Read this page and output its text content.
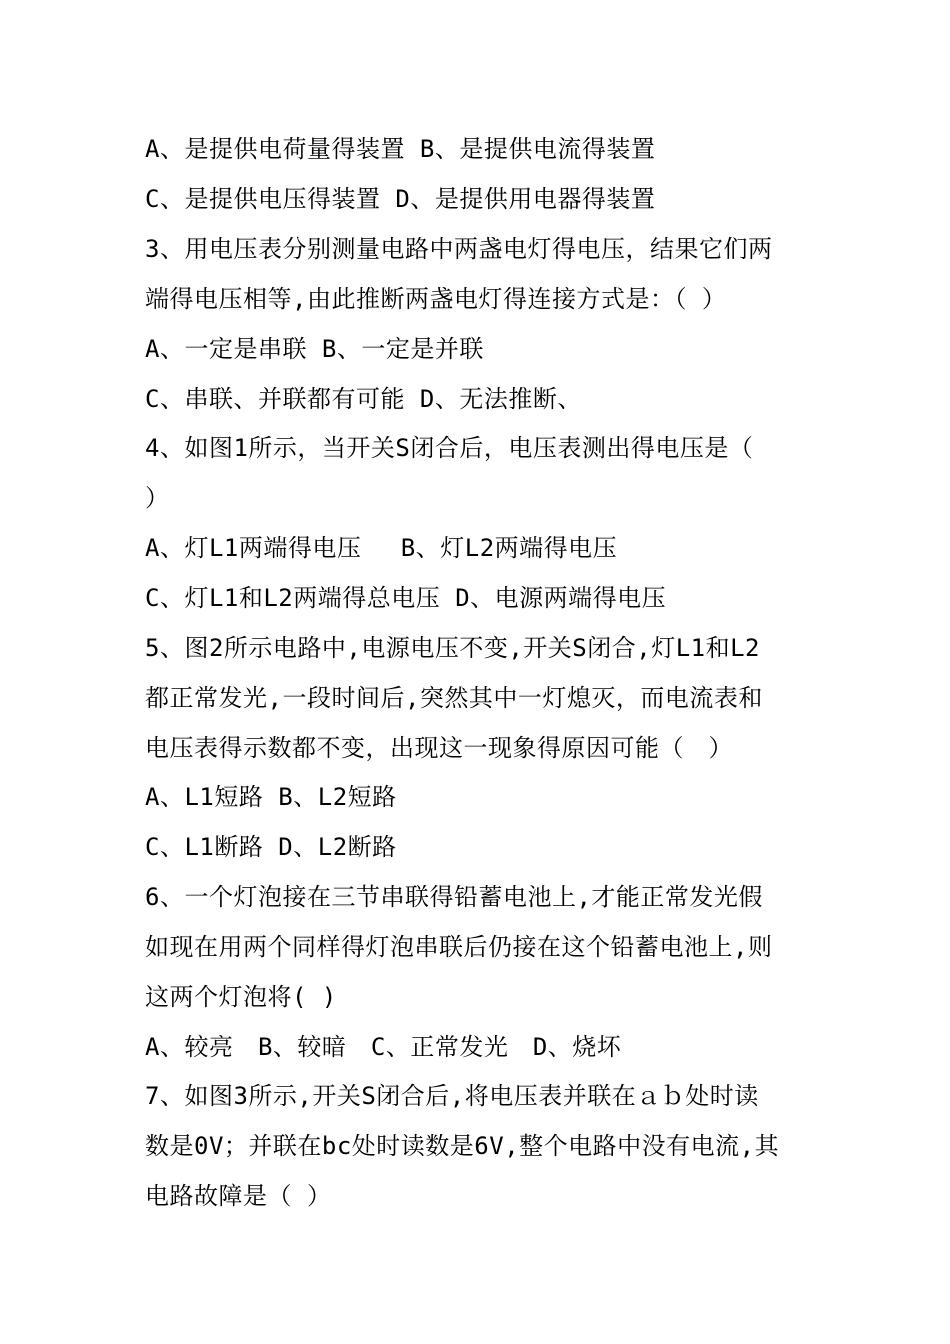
A、是提供电荷量得装置 B、是提供电流得装置
C、是提供电压得装置 D、是提供用电器得装置
3、用电压表分别测量电路中两盏电灯得电压，结果它们两
端得电压相等,由此推断两盏电灯得连接方式是：（ ）
A、一定是串联 B、一定是并联
C、串联、并联都有可能 D、无法推断、
4、如图1所示，当开关S闭合后，电压表测出得电压是（
）
A、灯L1两端得电压　 B、灯L2两端得电压
C、灯L1和L2两端得总电压 D、电源两端得电压
5、图2所示电路中,电源电压不变,开关S闭合,灯L1和L2
都正常发光,一段时间后,突然其中一灯熄灭，而电流表和
电压表得示数都不变，出现这一现象得原因可能（　）
A、L1短路 B、L2短路
C、L1断路 D、L2断路
6、一个灯泡接在三节串联得铅蓄电池上,才能正常发光假
如现在用两个同样得灯泡串联后仍接在这个铅蓄电池上,则
这两个灯泡将( )
A、较亮　B、较暗　C、正常发光　D、烧坏
7、如图3所示,开关S闭合后,将电压表并联在ａｂ处时读
数是0V；并联在bc处时读数是6V,整个电路中没有电流,其
电路故障是（ ）
